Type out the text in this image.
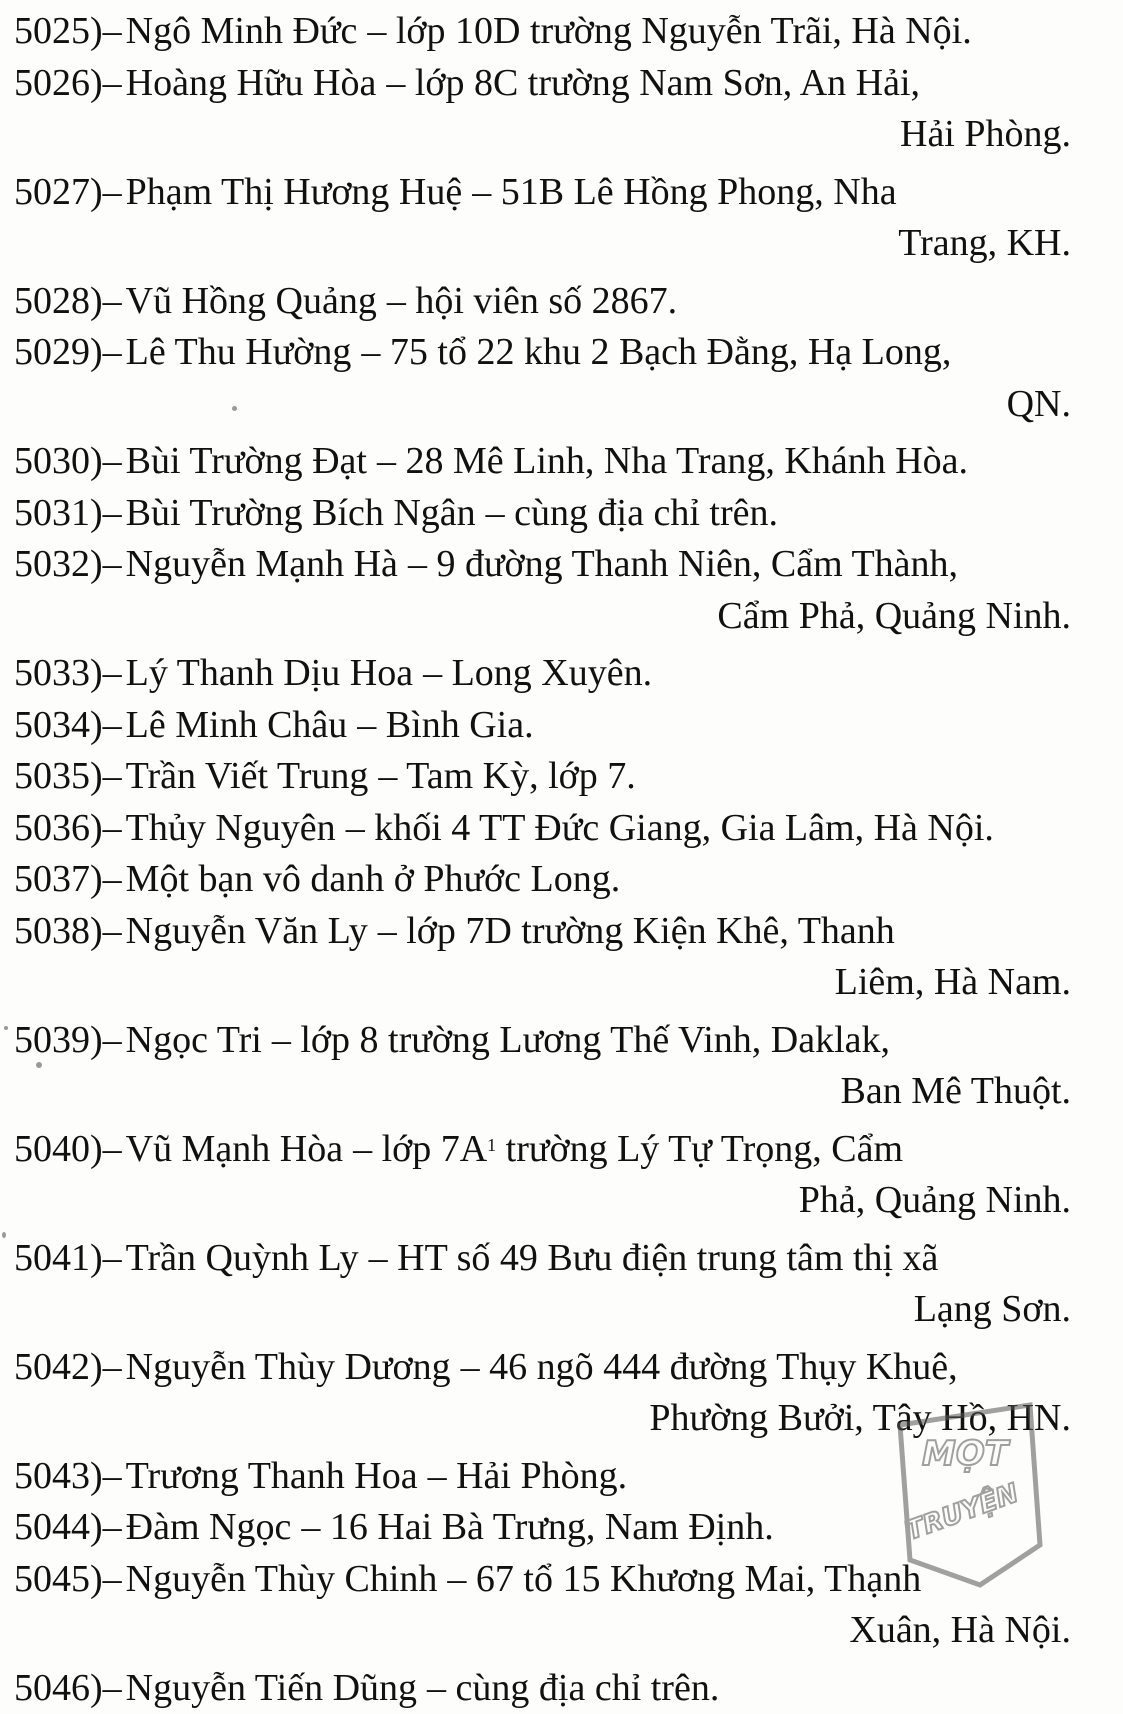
5025)– Ngô Minh Đức – lớp 10D trường Nguyễn Trãi, Hà Nội.

5026)– Hoàng Hữu Hòa – lớp 8C trường Nam Sơn, An Hải,
Hải Phòng.

5027)– Phạm Thị Hương Huệ – 51B Lê Hồng Phong, Nha
Trang, KH.

5028)– Vũ Hồng Quảng – hội viên số 2867.

5029)– Lê Thu Hường – 75 tổ 22 khu 2 Bạch Đằng, Hạ Long,
QN.

5030)– Bùi Trường Đạt – 28 Mê Linh, Nha Trang, Khánh Hòa.

5031)– Bùi Trường Bích Ngân – cùng địa chỉ trên.

5032)– Nguyễn Mạnh Hà – 9 đường Thanh Niên, Cẩm Thành,
Cẩm Phả, Quảng Ninh.

5033)– Lý Thanh Dịu Hoa – Long Xuyên.

5034)– Lê Minh Châu – Bình Gia.

5035)– Trần Viết Trung – Tam Kỳ, lớp 7.

5036)– Thủy Nguyên – khối 4 TT Đức Giang, Gia Lâm, Hà Nội.

5037)– Một bạn vô danh ở Phước Long.

5038)– Nguyễn Văn Ly – lớp 7D trường Kiện Khê, Thanh
Liêm, Hà Nam.

5039)– Ngọc Tri – lớp 8 trường Lương Thế Vinh, Daklak,
Ban Mê Thuột.

5040)– Vũ Mạnh Hòa – lớp $7A^1$ trường Lý Tự Trọng, Cẩm
Phả, Quảng Ninh.

5041)– Trần Quỳnh Ly – HT số 49 Bưu điện trung tâm thị xã
Lạng Sơn.

5042)– Nguyễn Thùy Dương – 46 ngõ 444 đường Thụy Khuê,
Phường Bưởi, Tây Hồ, HN.

5043)– Trương Thanh Hoa – Hải Phòng.

5044)– Đàm Ngọc – 16 Hai Bà Trưng, Nam Định.

5045)– Nguyễn Thùy Chinh – 67 tổ 15 Khương Mai, Thạnh
Xuân, Hà Nội.

5046)– Nguyễn Tiến Dũng – cùng địa chỉ trên.

MỌT
TRUYỆN
